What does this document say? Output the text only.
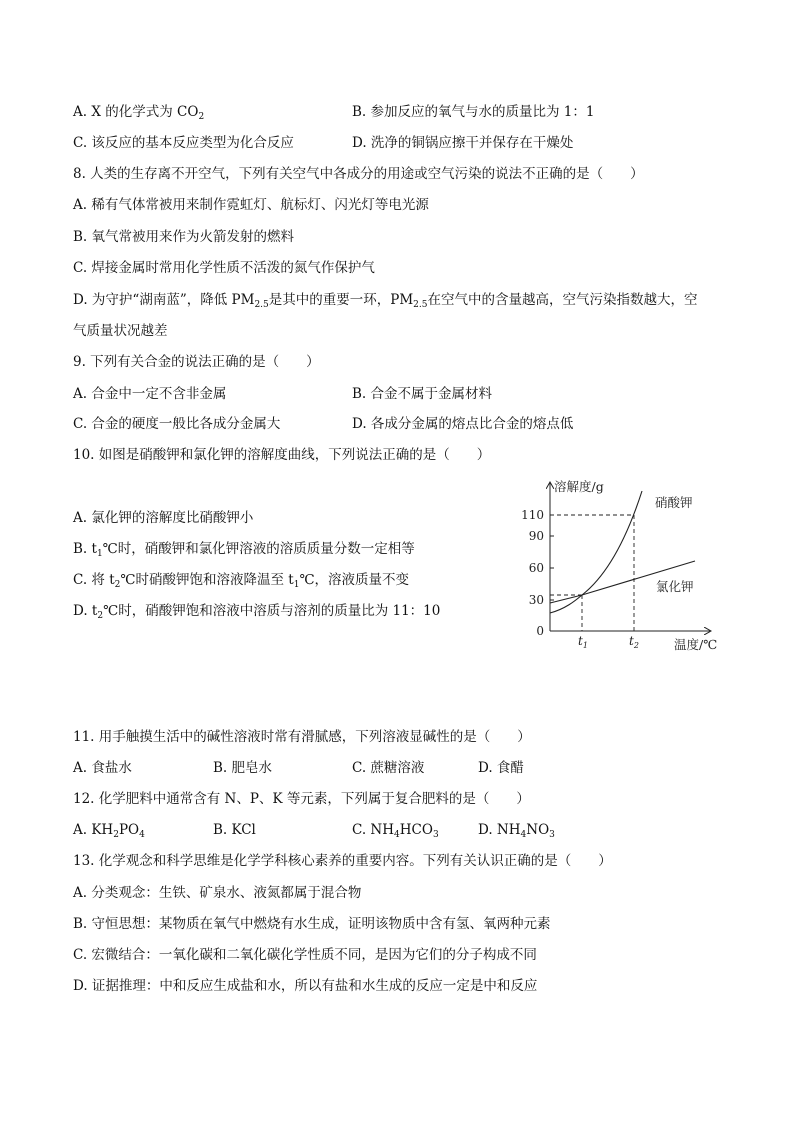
A. X 的化学式为 $CO_2$	B. 参加反应的氧气与水的质量比为 1：1
C. 该反应的基本反应类型为化合反应	D. 洗净的铜锅应擦干并保存在干燥处
8. 人类的生存离不开空气，下列有关空气中各成分的用途或空气污染的说法不正确的是（　　）
A. 稀有气体常被用来制作霓虹灯、航标灯、闪光灯等电光源
B. 氧气常被用来作为火箭发射的燃料
C. 焊接金属时常用化学性质不活泼的氮气作保护气
D. 为守护“湖南蓝”，降低 $PM_{2.5}$是其中的重要一环，$PM_{2.5}$在空气中的含量越高，空气污染指数越大，空
气质量状况越差
9. 下列有关合金的说法正确的是（　　）
A. 合金中一定不含非金属	B. 合金不属于金属材料
C. 合金的硬度一般比各成分金属大	D. 各成分金属的熔点比合金的熔点低
10. 如图是硝酸钾和氯化钾的溶解度曲线，下列说法正确的是（　　）
A. 氯化钾的溶解度比硝酸钾小
B. $t_1℃$时，硝酸钾和氯化钾溶液的溶质质量分数一定相等
C. 将 $t_2℃$时硝酸钾饱和溶液降温至 $t_1℃$，溶液质量不变
D. $t_2℃$时，硝酸钾饱和溶液中溶质与溶剂的质量比为 11：10
溶解度/g
温度/℃
0
30
60
90
110
硝酸钾
氯化钾
$t_1$	$t_2$
11. 用手触摸生活中的碱性溶液时常有滑腻感，下列溶液显碱性的是（　　）
A. 食盐水	B. 肥皂水	C. 蔗糖溶液	D. 食醋
12. 化学肥料中通常含有 N、P、K 等元素，下列属于复合肥料的是（　　）
A. $KH_2PO_4$	B. KCl	C. $NH_4HCO_3$	D. $NH_4NO_3$
13. 化学观念和科学思维是化学学科核心素养的重要内容。下列有关认识正确的是（　　）
A. 分类观念：生铁、矿泉水、液氮都属于混合物
B. 守恒思想：某物质在氧气中燃烧有水生成，证明该物质中含有氢、氧两种元素
C. 宏微结合：一氧化碳和二氧化碳化学性质不同，是因为它们的分子构成不同
D. 证据推理：中和反应生成盐和水，所以有盐和水生成的反应一定是中和反应
